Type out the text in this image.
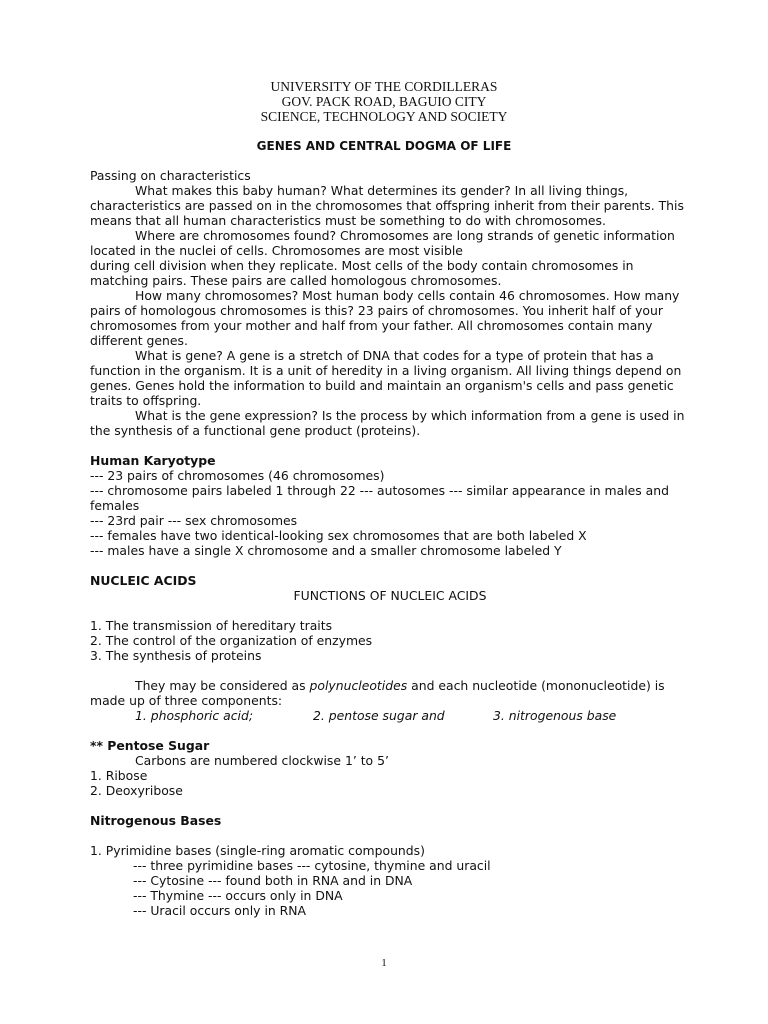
UNIVERSITY OF THE CORDILLERAS
GOV. PACK ROAD, BAGUIO CITY
SCIENCE, TECHNOLOGY AND SOCIETY
GENES AND CENTRAL DOGMA OF LIFE

Passing on characteristics

What makes this baby human? What determines its gender? In all living things, characteristics are passed on in the chromosomes that offspring inherit from their parents. This means that all human characteristics must be something to do with chromosomes.

Where are chromosomes found? Chromosomes are long strands of genetic information located in the nuclei of cells. Chromosomes are most visible

during cell division when they replicate. Most cells of the body contain chromosomes in matching pairs. These pairs are called homologous chromosomes.

How many chromosomes? Most human body cells contain 46 chromosomes. How many pairs of homologous chromosomes is this? 23 pairs of chromosomes. You inherit half of your chromosomes from your mother and half from your father. All chromosomes contain many different genes.

What is gene? A gene is a stretch of DNA that codes for a type of protein that has a function in the organism. It is a unit of heredity in a living organism. All living things depend on genes. Genes hold the information to build and maintain an organism's cells and pass genetic traits to offspring.

What is the gene expression? Is the process by which information from a gene is used in the synthesis of a functional gene product (proteins).

Human Karyotype

--- 23 pairs of chromosomes (46 chromosomes)

--- chromosome pairs labeled 1 through 22 --- autosomes --- similar appearance in males and females

--- 23rd pair --- sex chromosomes

--- females have two identical-looking sex chromosomes that are both labeled X

--- males have a single X chromosome and a smaller chromosome labeled Y

NUCLEIC ACIDS

FUNCTIONS OF NUCLEIC ACIDS

1. The transmission of hereditary traits

2. The control of the organization of enzymes

3. The synthesis of proteins

They may be considered as polynucleotides and each nucleotide (mononucleotide) is made up of three components:

1. phosphoric acid;	2. pentose sugar and	3. nitrogenous base

** Pentose Sugar

Carbons are numbered clockwise 1’ to 5’

1. Ribose

2. Deoxyribose

Nitrogenous Bases

1. Pyrimidine bases (single-ring aromatic compounds)

--- three pyrimidine bases --- cytosine, thymine and uracil

--- Cytosine --- found both in RNA and in DNA

--- Thymine --- occurs only in DNA

--- Uracil occurs only in RNA

1
